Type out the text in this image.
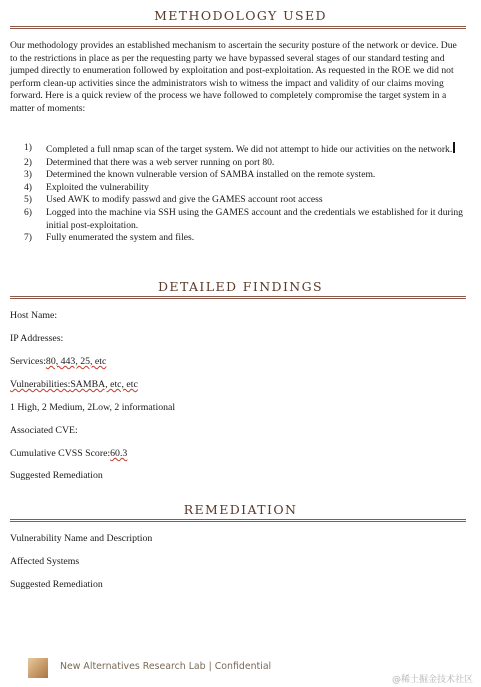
METHODOLOGY USED

Our methodology provides an established mechanism to ascertain the security posture of the network or device. Due to the restrictions in place as per the requesting party we have bypassed several stages of our standard testing and jumped directly to enumeration followed by exploitation and post-exploitation. As requested in the ROE we did not perform clean-up activities since the administrators wish to witness the impact and validity of our claims moving forward. Here is a quick review of the process we have followed to completely compromise the target system in a matter of moments:

1)	Completed a full nmap scan of the target system. We did not attempt to hide our activities on the network.
2)	Determined that there was a web server running on port 80.
3)	Determined the known vulnerable version of SAMBA installed on the remote system.
4)	Exploited the vulnerability
5)	Used AWK to modify passwd and give the GAMES account root access
6)	Logged into the machine via SSH using the GAMES account and the credentials we established for it during initial post-exploitation.
7)	Fully enumerated the system and files.
DETAILED FINDINGS
Host Name:
IP Addresses:
Services:80, 443, 25, etc
Vulnerabilities:SAMBA, etc, etc
1 High, 2 Medium, 2Low, 2 informational
Associated CVE:
Cumulative CVSS Score:60.3
Suggested Remediation
REMEDIATION
Vulnerability Name and Description
Affected Systems
Suggested Remediation
New Alternatives Research Lab | Confidential
@稀土掘金技术社区
